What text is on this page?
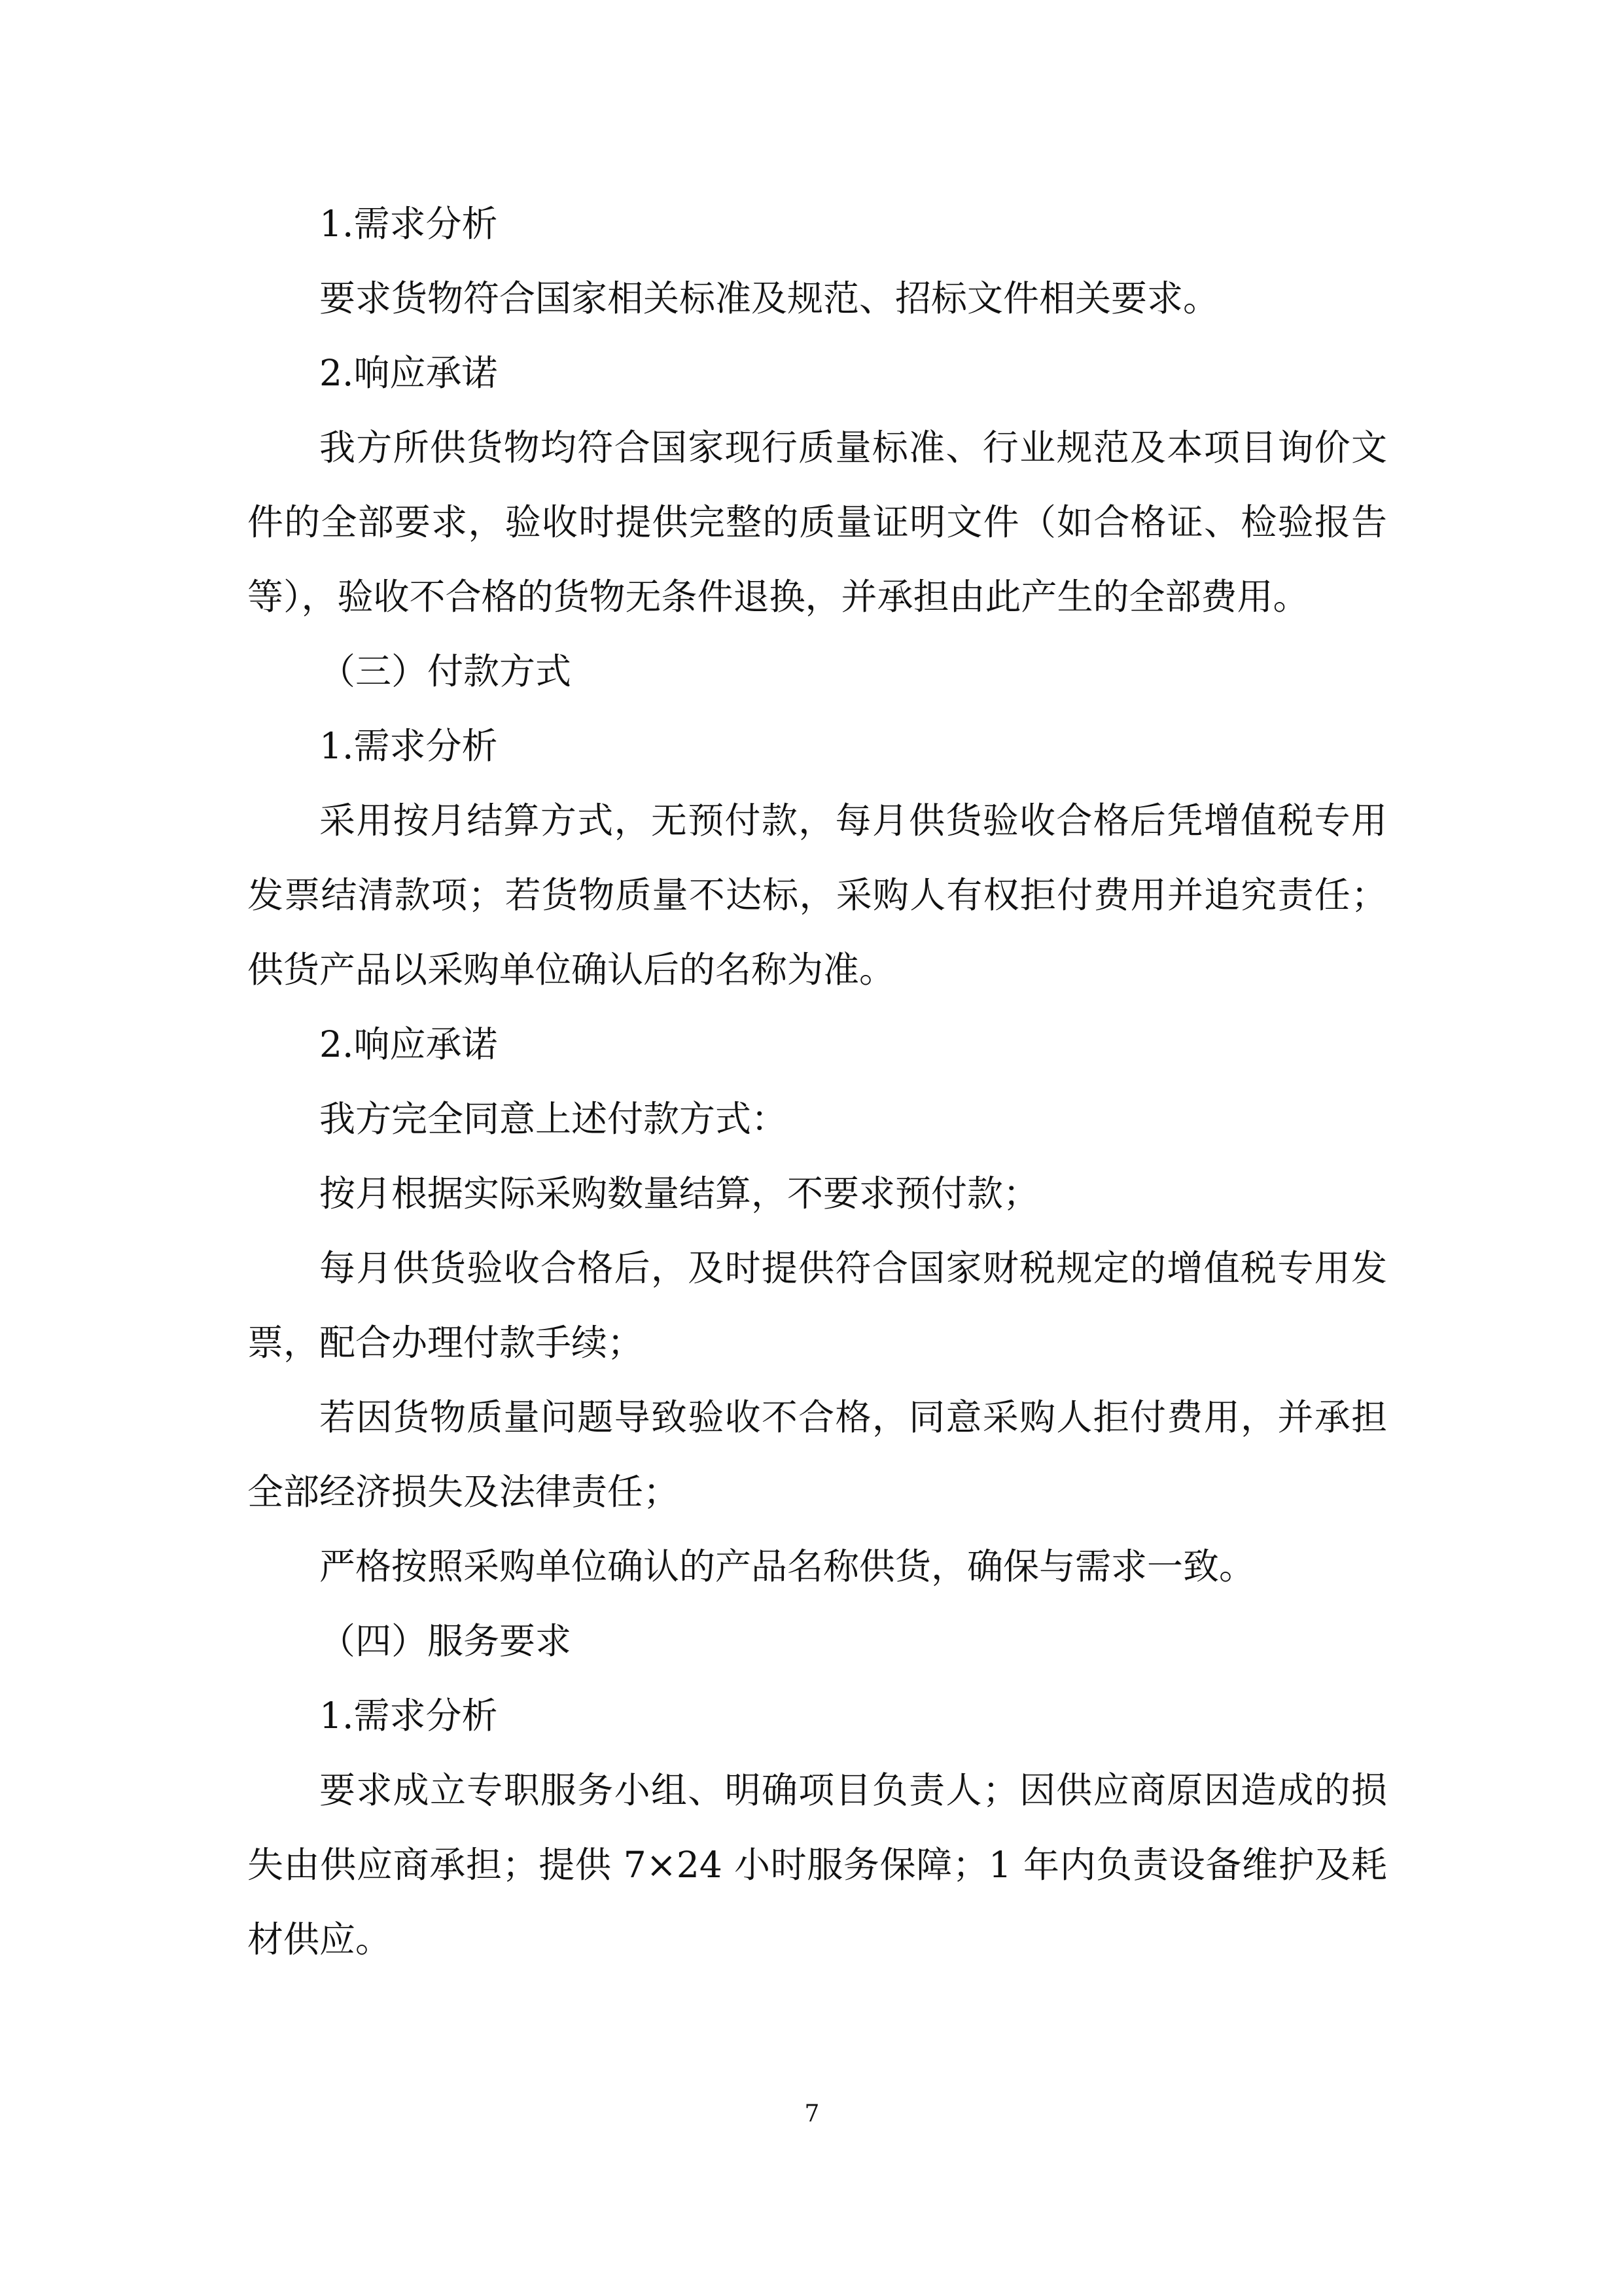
1.需求分析

要求货物符合国家相关标准及规范、招标文件相关要求。

2.响应承诺

我方所供货物均符合国家现行质量标准、行业规范及本项目询价文件的全部要求，验收时提供完整的质量证明文件（如合格证、检验报告等），验收不合格的货物无条件退换，并承担由此产生的全部费用。

（三）付款方式

1.需求分析

采用按月结算方式，无预付款，每月供货验收合格后凭增值税专用发票结清款项；若货物质量不达标，采购人有权拒付费用并追究责任；供货产品以采购单位确认后的名称为准。

2.响应承诺

我方完全同意上述付款方式：

按月根据实际采购数量结算，不要求预付款；

每月供货验收合格后，及时提供符合国家财税规定的增值税专用发票，配合办理付款手续；

若因货物质量问题导致验收不合格，同意采购人拒付费用，并承担全部经济损失及法律责任；

严格按照采购单位确认的产品名称供货，确保与需求一致。

（四）服务要求

1.需求分析

要求成立专职服务小组、明确项目负责人；因供应商原因造成的损失由供应商承担；提供 7×24 小时服务保障；1 年内负责设备维护及耗材供应。

7
